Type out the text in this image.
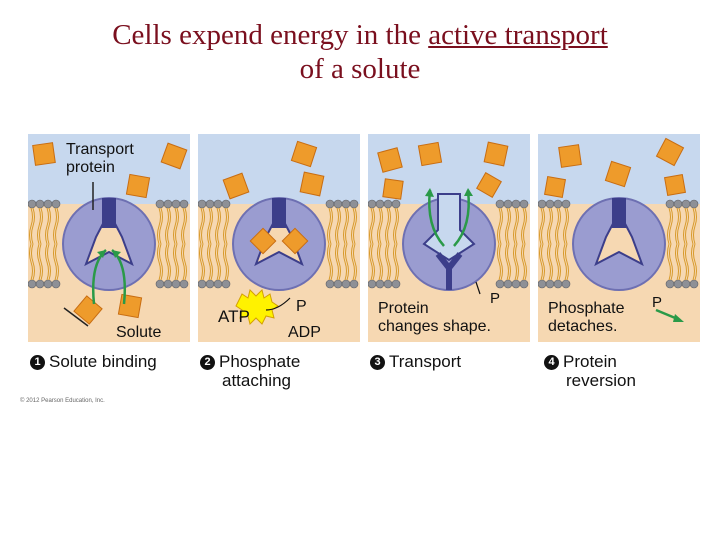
Cells expend energy in the active transport
of a solute
Transport
protein
Solute
ATP
P
ADP
Protein
changes shape.
P
Phosphate
detaches.
P
1 Solute binding	2 Phosphate
attaching
3 Transport	4 Protein
reversion
© 2012 Pearson Education, Inc.
